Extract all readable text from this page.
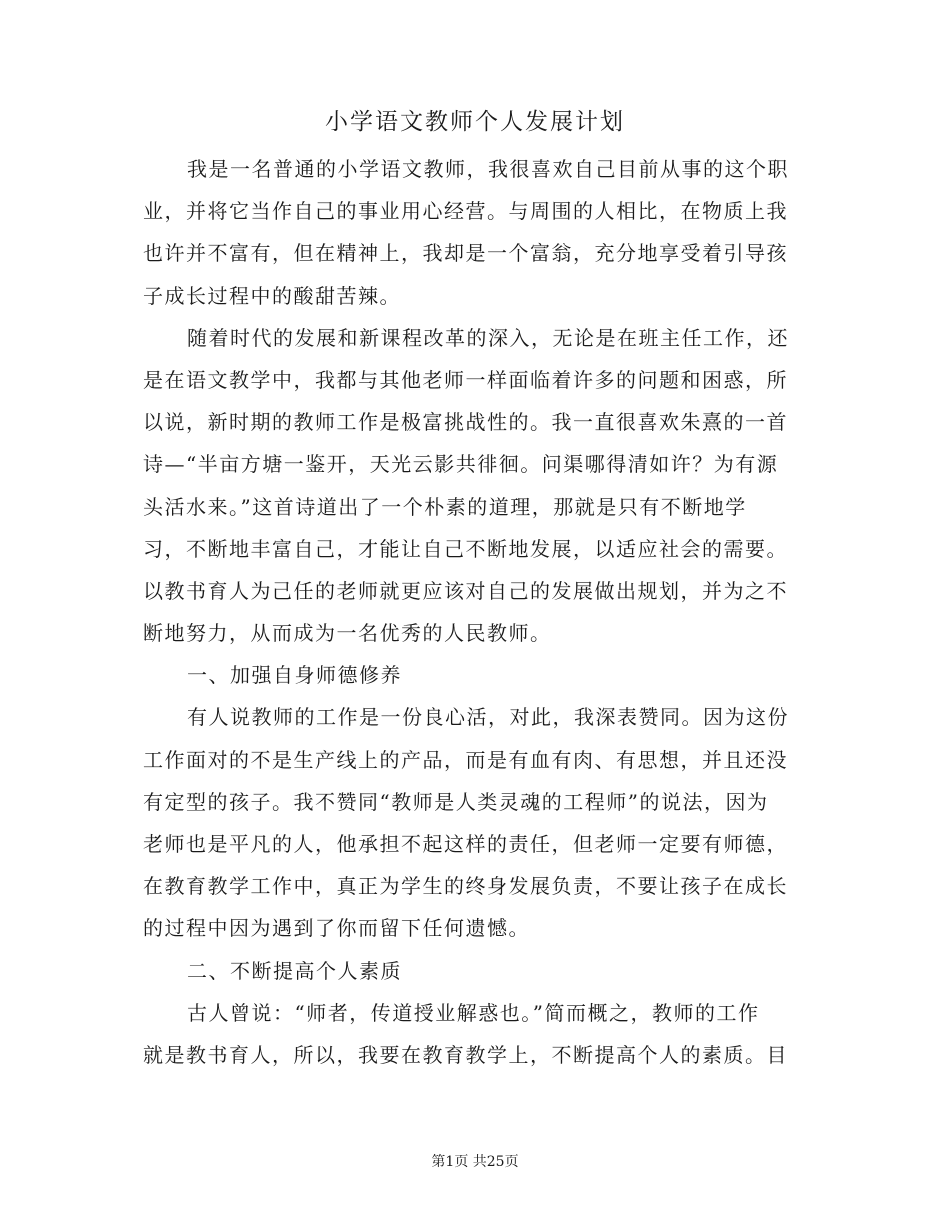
小学语文教师个人发展计划
我是一名普通的小学语文教师，我很喜欢自己目前从事的这个职
业，并将它当作自己的事业用心经营。与周围的人相比，在物质上我
也许并不富有，但在精神上，我却是一个富翁，充分地享受着引导孩
子成长过程中的酸甜苦辣。
随着时代的发展和新课程改革的深入，无论是在班主任工作，还
是在语文教学中，我都与其他老师一样面临着许多的问题和困惑，所
以说，新时期的教师工作是极富挑战性的。我一直很喜欢朱熹的一首
诗—“半亩方塘一鉴开，天光云影共徘徊。问渠哪得清如许？为有源
头活水来。”这首诗道出了一个朴素的道理，那就是只有不断地学
习，不断地丰富自己，才能让自己不断地发展，以适应社会的需要。
以教书育人为己任的老师就更应该对自己的发展做出规划，并为之不
断地努力，从而成为一名优秀的人民教师。
一、加强自身师德修养
有人说教师的工作是一份良心活，对此，我深表赞同。因为这份
工作面对的不是生产线上的产品，而是有血有肉、有思想，并且还没
有定型的孩子。我不赞同“教师是人类灵魂的工程师”的说法，因为
老师也是平凡的人，他承担不起这样的责任，但老师一定要有师德，
在教育教学工作中，真正为学生的终身发展负责，不要让孩子在成长
的过程中因为遇到了你而留下任何遗憾。
二、不断提高个人素质
古人曾说：“师者，传道授业解惑也。”简而概之，教师的工作
就是教书育人，所以，我要在教育教学上，不断提高个人的素质。目
第1页 共25页
